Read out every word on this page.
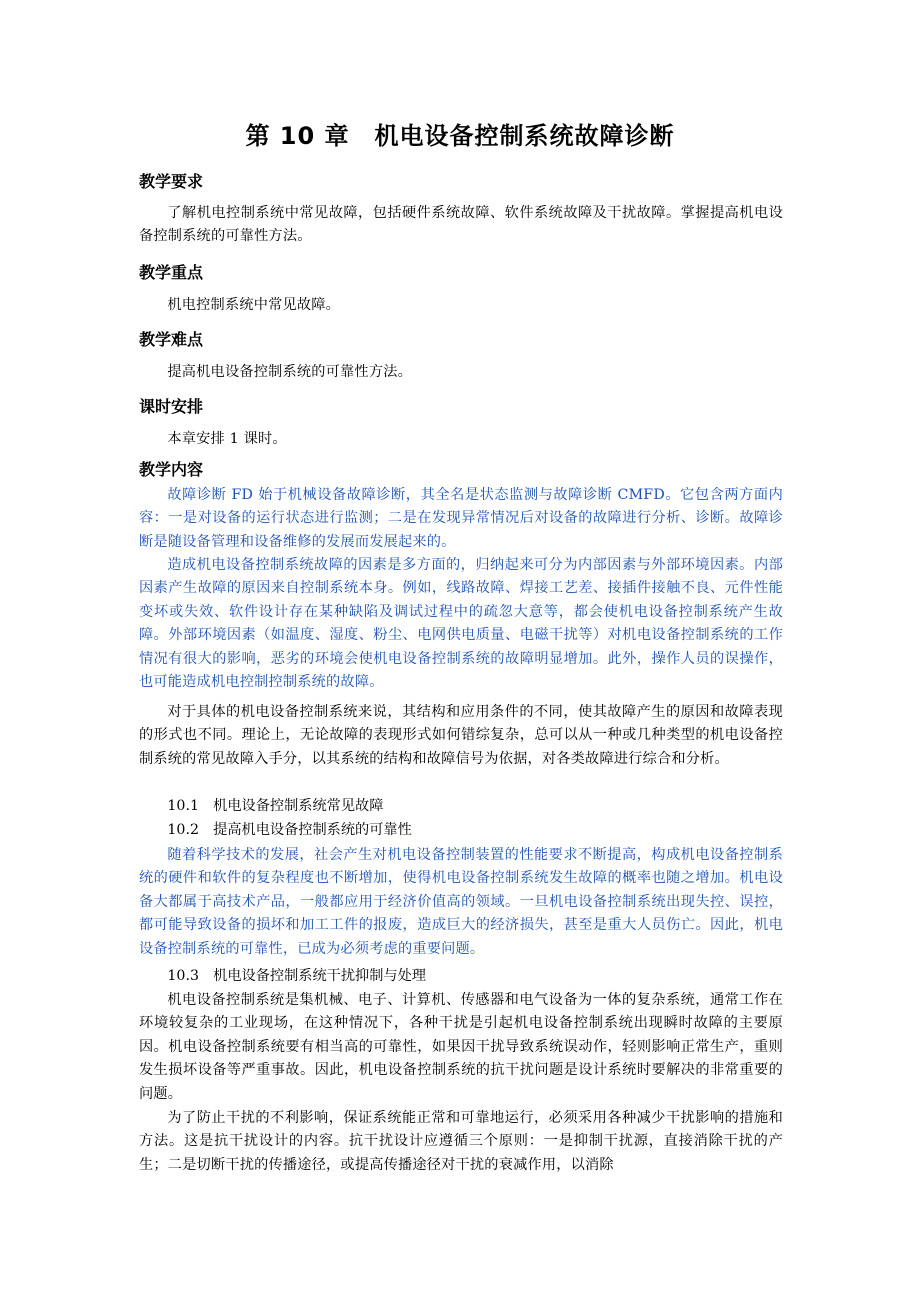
第 10 章　机电设备控制系统故障诊断
教学要求

了解机电控制系统中常见故障，包括硬件系统故障、软件系统故障及干扰故障。掌握提高机电设备控制系统的可靠性方法。

教学重点

机电控制系统中常见故障。

教学难点

提高机电设备控制系统的可靠性方法。

课时安排

本章安排 1 课时。

教学内容

故障诊断 FD 始于机械设备故障诊断，其全名是状态监测与故障诊断 CMFD。它包含两方面内容：一是对设备的运行状态进行监测；二是在发现异常情况后对设备的故障进行分析、诊断。故障诊断是随设备管理和设备维修的发展而发展起来的。

造成机电设备控制系统故障的因素是多方面的，归纳起来可分为内部因素与外部环境因素。内部因素产生故障的原因来自控制系统本身。例如，线路故障、焊接工艺差、接插件接触不良、元件性能变坏或失效、软件设计存在某种缺陷及调试过程中的疏忽大意等，都会使机电设备控制系统产生故障。外部环境因素（如温度、湿度、粉尘、电网供电质量、电磁干扰等）对机电设备控制系统的工作情况有很大的影响，恶劣的环境会使机电设备控制系统的故障明显增加。此外，操作人员的误操作，也可能造成机电控制控制系统的故障。

对于具体的机电设备控制系统来说，其结构和应用条件的不同，使其故障产生的原因和故障表现的形式也不同。理论上，无论故障的表现形式如何错综复杂，总可以从一种或几种类型的机电设备控制系统的常见故障入手分，以其系统的结构和故障信号为依据，对各类故障进行综合和分析。

10.1　机电设备控制系统常见故障

10.2　提高机电设备控制系统的可靠性

随着科学技术的发展，社会产生对机电设备控制装置的性能要求不断提高，构成机电设备控制系统的硬件和软件的复杂程度也不断增加，使得机电设备控制系统发生故障的概率也随之增加。机电设备大都属于高技术产品，一般都应用于经济价值高的领域。一旦机电设备控制系统出现失控、误控，都可能导致设备的损坏和加工工件的报废，造成巨大的经济损失，甚至是重大人员伤亡。因此，机电设备控制系统的可靠性，已成为必须考虑的重要问题。

10.3　机电设备控制系统干扰抑制与处理

机电设备控制系统是集机械、电子、计算机、传感器和电气设备为一体的复杂系统，通常工作在环境较复杂的工业现场，在这种情况下，各种干扰是引起机电设备控制系统出现瞬时故障的主要原因。机电设备控制系统要有相当高的可靠性，如果因干扰导致系统误动作，轻则影响正常生产，重则发生损坏设备等严重事故。因此，机电设备控制系统的抗干扰问题是设计系统时要解决的非常重要的问题。

为了防止干扰的不利影响，保证系统能正常和可靠地运行，必须采用各种减少干扰影响的措施和方法。这是抗干扰设计的内容。抗干扰设计应遵循三个原则：一是抑制干扰源，直接消除干扰的产生；二是切断干扰的传播途径，或提高传播途径对干扰的衰减作用，以消除
